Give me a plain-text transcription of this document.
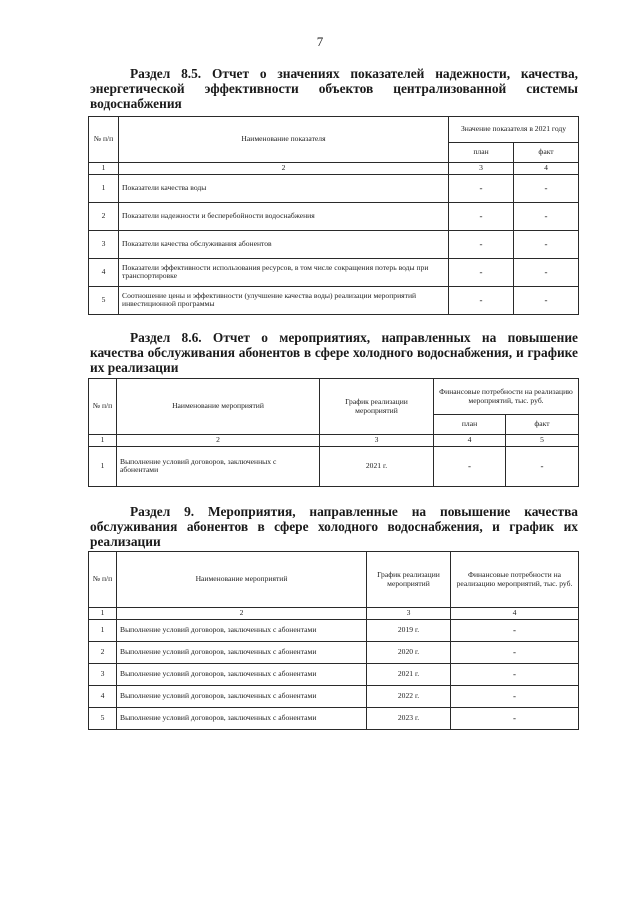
7

Раздел 8.5. Отчет о значениях показателей надежности, качества, энергетической эффективности объектов централизованной системы водоснабжения

№ п/п	Наименование показателя	Значение показателя в 2021 году	
		план	факт
1	2	3	4
1	Показатели качества воды	-	-
2	Показатели надежности и бесперебойности водоснабжения	-	-
3	Показатели качества обслуживания абонентов	-	-
4	Показатели эффективности использования ресурсов, в том числе сокращения потерь воды при транспортировке	-	-
5	Соотношение цены и эффективности (улучшение качества воды) реализации мероприятий инвестиционной программы	-	-

Раздел 8.6. Отчет о мероприятиях, направленных на повышение качества обслуживания абонентов в сфере холодного водоснабжения, и графике их реализации

№ п/п	Наименование мероприятий	График реализации мероприятий	Финансовые потребности на реализацию мероприятий, тыс. руб.	
			план	факт
1	2	3	4	5
1	Выполнение условий договоров, заключенных с абонентами	2021 г.	-	-

Раздел 9. Мероприятия, направленные на повышение качества обслуживания абонентов в сфере холодного водоснабжения, и график их реализации

№ п/п	Наименование мероприятий	График реализации мероприятий	Финансовые потребности на реализацию мероприятий, тыс. руб.
1	2	3	4
1	Выполнение условий договоров, заключенных с абонентами	2019 г.	-
2	Выполнение условий договоров, заключенных с абонентами	2020 г.	-
3	Выполнение условий договоров, заключенных с абонентами	2021 г.	-
4	Выполнение условий договоров, заключенных с абонентами	2022 г.	-
5	Выполнение условий договоров, заключенных с абонентами	2023 г.	-
